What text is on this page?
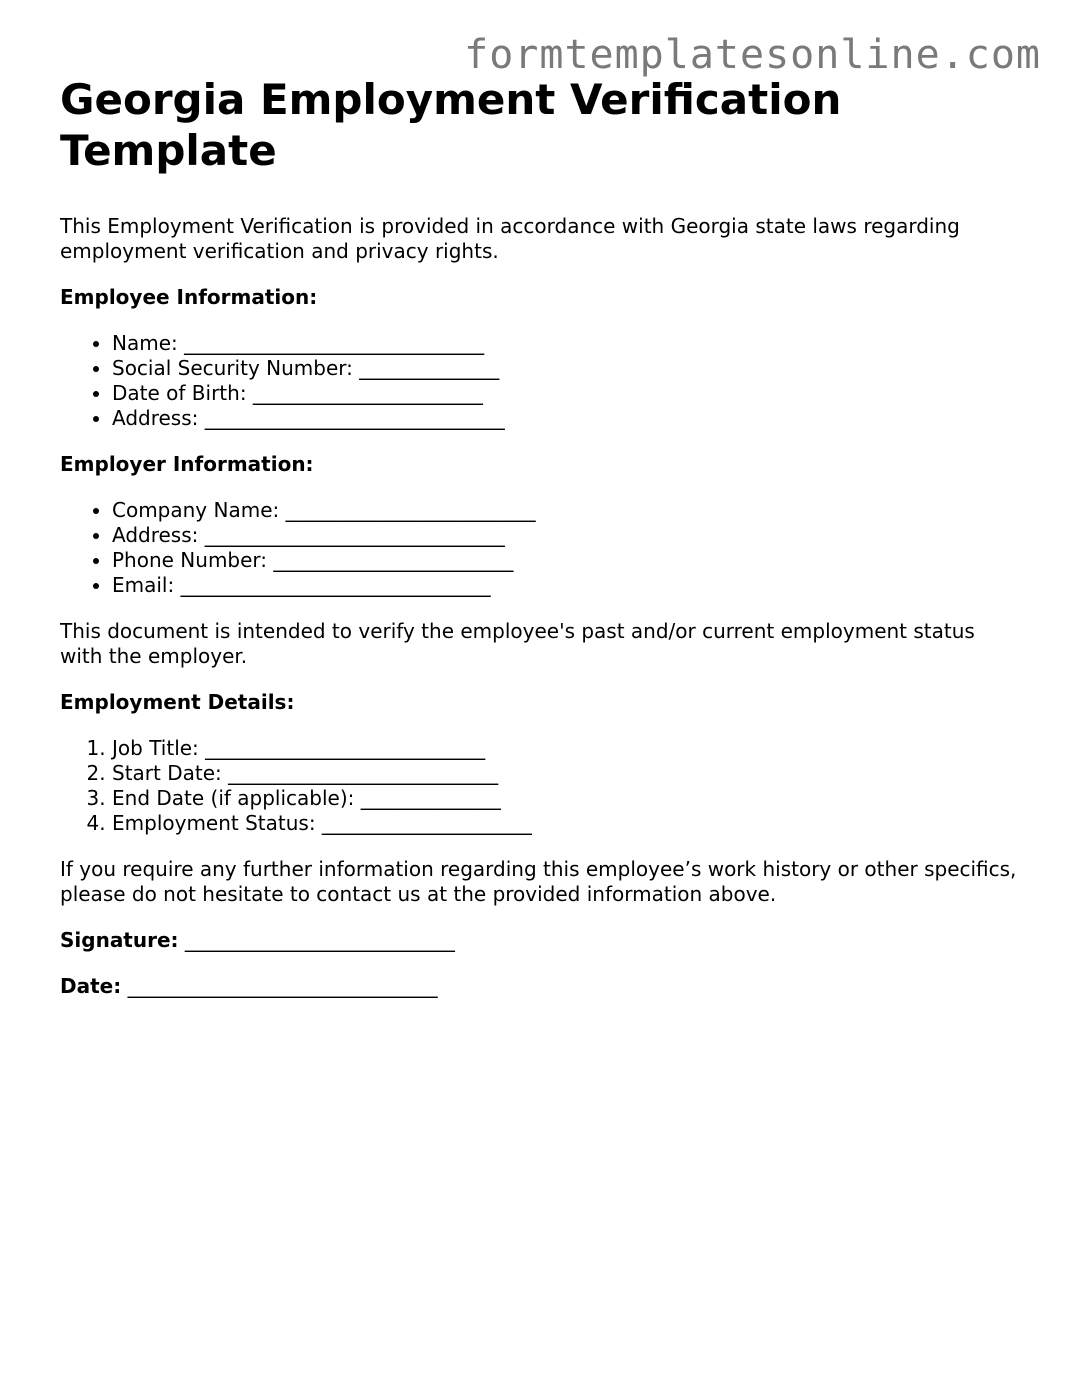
formtemplatesonline.com
Georgia Employment Verification Template

This Employment Verification is provided in accordance with Georgia state laws regarding employment verification and privacy rights.

Employee Information:
• Name: ______________________________
• Social Security Number: ______________
• Date of Birth: _______________________
• Address: ______________________________
Employer Information:
• Company Name: _________________________
• Address: ______________________________
• Phone Number: ________________________
• Email: _______________________________

This document is intended to verify the employee's past and/or current employment status with the employer.

Employment Details:
1. Job Title: ____________________________
2. Start Date: ___________________________
3. End Date (if applicable): ______________
4. Employment Status: _____________________

If you require any further information regarding this employee’s work history or other specifics, please do not hesitate to contact us at the provided information above.

Signature: ___________________________
Date: _______________________________
